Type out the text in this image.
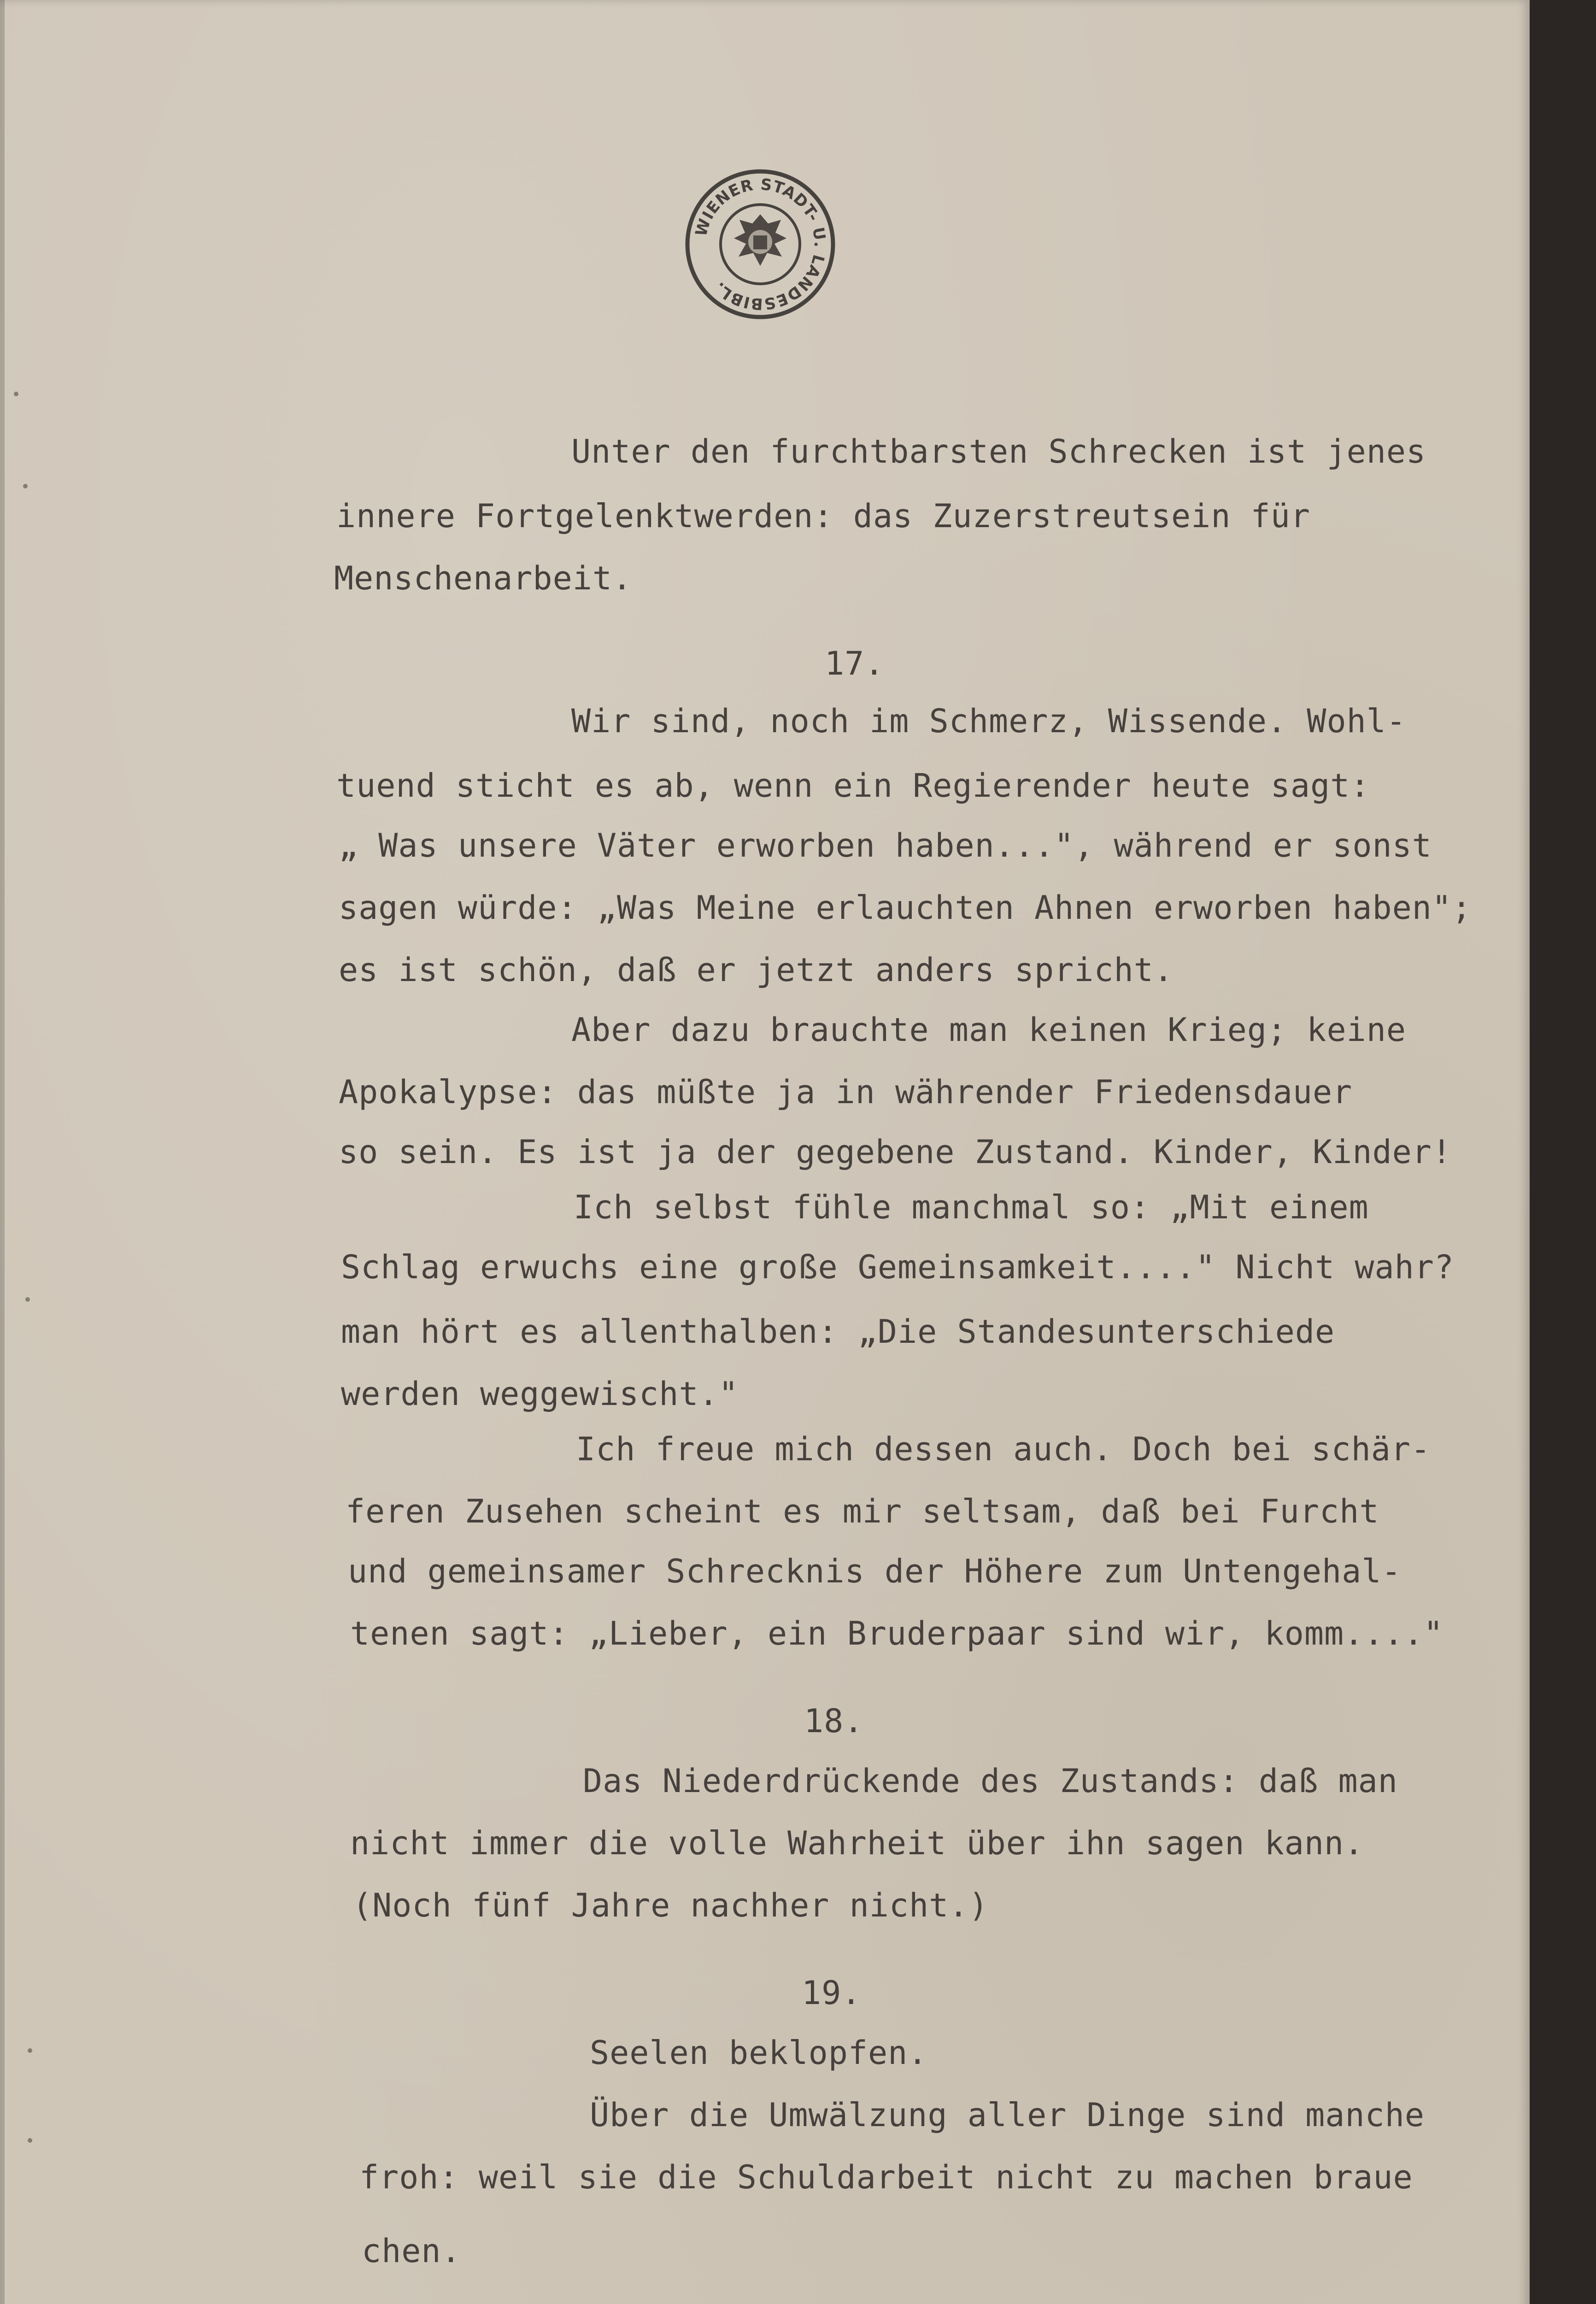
WIENER STADT- U. LANDESBIBL.

Unter den furchtbarsten Schrecken ist jenes

innere Fortgelenktwerden: das Zuzerstreutsein für

Menschenarbeit.

17.

Wir sind, noch im Schmerz, Wissende. Wohl-

tuend sticht es ab, wenn ein Regierender heute sagt:

„ Was unsere Väter erworben haben...", während er sonst

sagen würde: „Was Meine erlauchten Ahnen erworben haben";

es ist schön, daß er jetzt anders spricht.

Aber dazu brauchte man keinen Krieg; keine

Apokalypse: das müßte ja in währender Friedensdauer

so sein. Es ist ja der gegebene Zustand. Kinder, Kinder!

Ich selbst fühle manchmal so: „Mit einem

Schlag erwuchs eine große Gemeinsamkeit...." Nicht wahr?

man hört es allenthalben: „Die Standesunterschiede

werden weggewischt."

Ich freue mich dessen auch. Doch bei schär-

feren Zusehen scheint es mir seltsam, daß bei Furcht

und gemeinsamer Schrecknis der Höhere zum Untengehal-

tenen sagt: „Lieber, ein Bruderpaar sind wir, komm...."

18.

Das Niederdrückende des Zustands: daß man

nicht immer die volle Wahrheit über ihn sagen kann.

(Noch fünf Jahre nachher nicht.)

19.

Seelen beklopfen.

Über die Umwälzung aller Dinge sind manche

froh: weil sie die Schuldarbeit nicht zu machen braue

chen.
